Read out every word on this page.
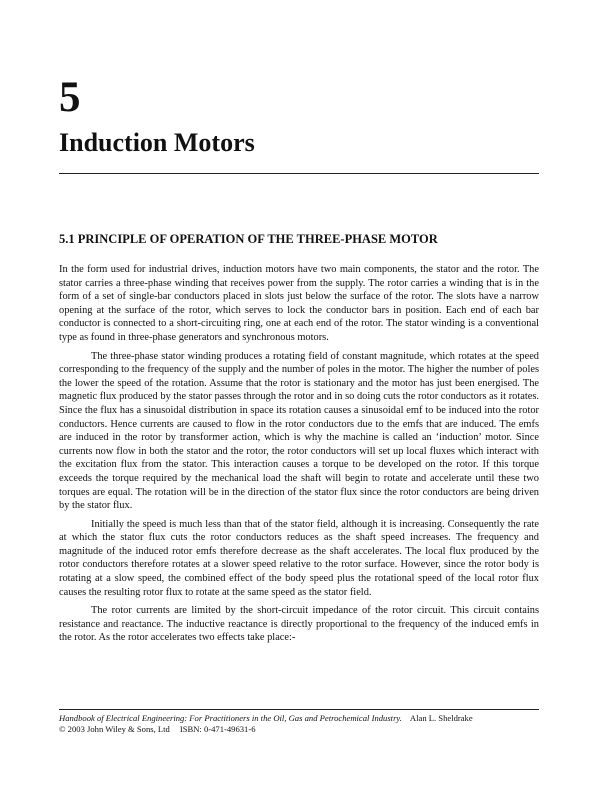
5
Induction Motors
5.1 PRINCIPLE OF OPERATION OF THE THREE-PHASE MOTOR

In the form used for industrial drives, induction motors have two main components, the stator and the rotor. The stator carries a three-phase winding that receives power from the supply. The rotor carries a winding that is in the form of a set of single-bar conductors placed in slots just below the surface of the rotor. The slots have a narrow opening at the surface of the rotor, which serves to lock the conductor bars in position. Each end of each bar conductor is connected to a short-circuiting ring, one at each end of the rotor. The stator winding is a conventional type as found in three-phase generators and synchronous motors.

The three-phase stator winding produces a rotating field of constant magnitude, which rotates at the speed corresponding to the frequency of the supply and the number of poles in the motor. The higher the number of poles the lower the speed of the rotation. Assume that the rotor is stationary and the motor has just been energised. The magnetic flux produced by the stator passes through the rotor and in so doing cuts the rotor conductors as it rotates. Since the flux has a sinusoidal distribution in space its rotation causes a sinusoidal emf to be induced into the rotor conductors. Hence currents are caused to flow in the rotor conductors due to the emfs that are induced. The emfs are induced in the rotor by transformer action, which is why the machine is called an ‘induction’ motor. Since currents now flow in both the stator and the rotor, the rotor conductors will set up local fluxes which interact with the excitation flux from the stator. This interaction causes a torque to be developed on the rotor. If this torque exceeds the torque required by the mechanical load the shaft will begin to rotate and accelerate until these two torques are equal. The rotation will be in the direction of the stator flux since the rotor conductors are being driven by the stator flux.

Initially the speed is much less than that of the stator field, although it is increasing. Consequently the rate at which the stator flux cuts the rotor conductors reduces as the shaft speed increases. The frequency and magnitude of the induced rotor emfs therefore decrease as the shaft accelerates. The local flux produced by the rotor conductors therefore rotates at a slower speed relative to the rotor surface. However, since the rotor body is rotating at a slow speed, the combined effect of the body speed plus the rotational speed of the local rotor flux causes the resulting rotor flux to rotate at the same speed as the stator field.

The rotor currents are limited by the short-circuit impedance of the rotor circuit. This circuit contains resistance and reactance. The inductive reactance is directly proportional to the frequency of the induced emfs in the rotor. As the rotor accelerates two effects take place:-

Handbook of Electrical Engineering: For Practitioners in the Oil, Gas and Petrochemical Industry. Alan L. Sheldrake
© 2003 John Wiley & Sons, Ltd ISBN: 0-471-49631-6
